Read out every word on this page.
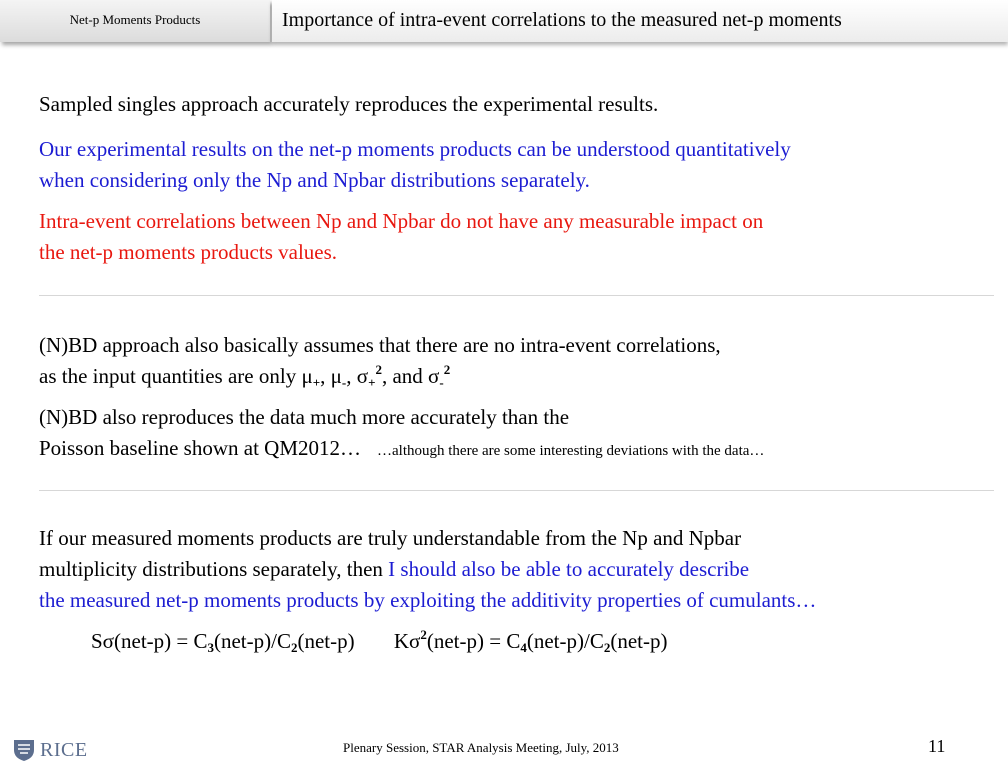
Net-p Moments Products	Importance of intra-event correlations to the measured net-p moments
Sampled singles approach accurately reproduces the experimental results.
Our experimental results on the net-p moments products can be understood quantitatively
when considering only the Np and Npbar distributions separately.
Intra-event correlations between Np and Npbar do not have any measurable impact on
the net-p moments products values.
(N)BD approach also basically assumes that there are no intra-event correlations,
as the input quantities are only $\mu_+$, $\mu_-$, $\sigma_+^2$, and $\sigma_-^2$
(N)BD also reproduces the data much more accurately than the
Poisson baseline shown at QM2012… …although there are some interesting deviations with the data…
If our measured moments products are truly understandable from the Np and Npbar
multiplicity distributions separately, then I should also be able to accurately describe
the measured net-p moments products by exploiting the additivity properties of cumulants…
$S\sigma(net-p) = C_3(net-p)/C_2(net-p) K\sigma^2(net-p) = C_4(net-p)/C_2(net-p)$
RICE	Plenary Session, STAR Analysis Meeting, July, 2013	11
